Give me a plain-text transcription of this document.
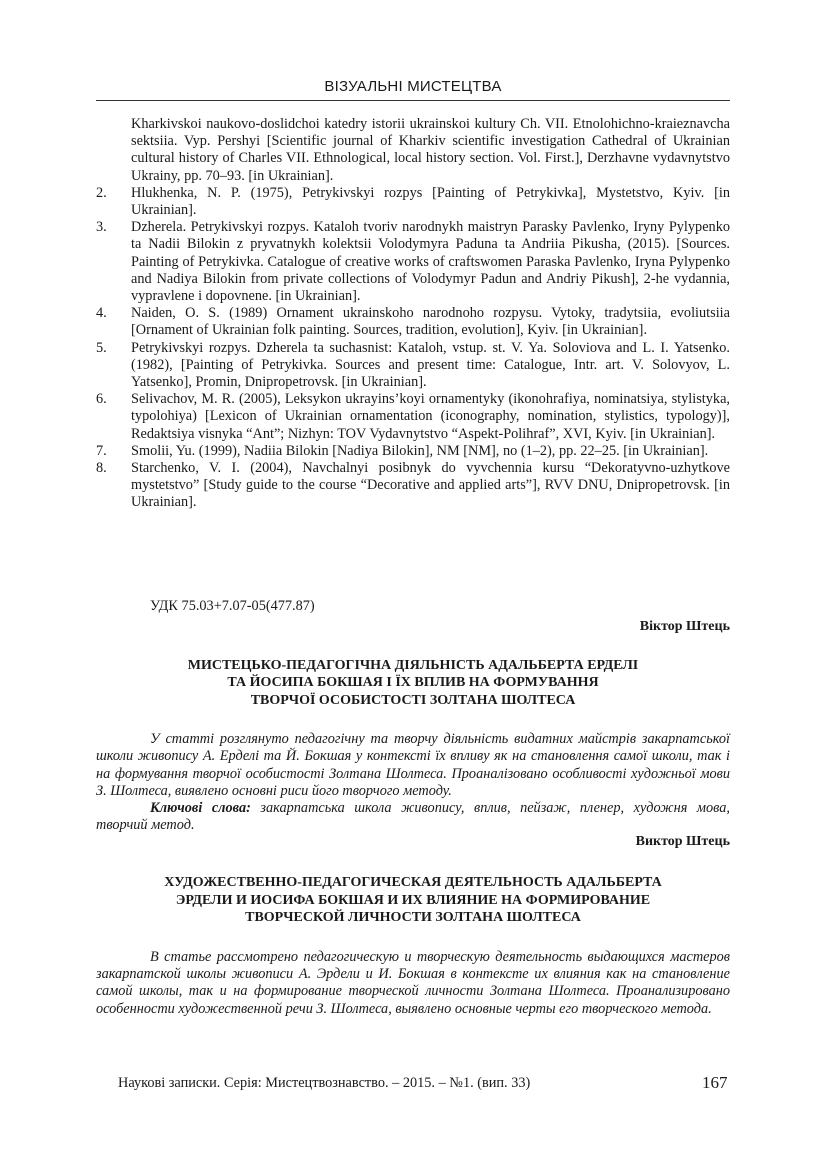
ВІЗУАЛЬНІ МИСТЕЦТВА
Kharkivskoi naukovo-doslidchoi katedry istorii ukrainskoi kultury Ch. VII. Etnolohichno-kraieznavcha sektsiia. Vyp. Pershyi [Scientific journal of Kharkiv scientific investigation Cathedral of Ukrainian cultural history of Charles VII. Ethnological, local history section. Vol. First.], Derzhavne vydavnytstvo Ukrainy, pp. 70–93. [in Ukrainian].
2.	Hlukhenka, N. P. (1975), Petrykivskyi rozpys [Painting of Petrykivka], Mystetstvo, Kyiv. [in Ukrainian].
3.	Dzherela. Petrykivskyi rozpys. Kataloh tvoriv narodnykh maistryn Parasky Pavlenko, Iryny Pylypenko ta Nadii Bilokin z pryvatnykh kolektsii Volodymyra Paduna ta Andriia Pikusha, (2015). [Sources. Painting of Petrykivka. Catalogue of creative works of craftswomen Paraska Pavlenko, Iryna Pylypenko and Nadiya Bilokin from private collections of Volodymyr Padun and Andriy Pikush], 2-he vydannia, vypravlene i dopovnene. [in Ukrainian].
4.	Naiden, O. S. (1989) Ornament ukrainskoho narodnoho rozpysu. Vytoky, tradytsiia, evoliutsiia [Ornament of Ukrainian folk painting. Sources, tradition, evolution], Kyiv. [in Ukrainian].
5.	Petrykivskyi rozpys. Dzherela ta suchasnist: Kataloh, vstup. st. V. Ya. Soloviova and L. I. Yatsenko. (1982), [Painting of Petrykivka. Sources and present time: Catalogue, Intr. art. V. Solovyov, L. Yatsenko], Promin, Dnipropetrovsk. [in Ukrainian].
6.	Selivachov, M. R. (2005), Leksykon ukrayins’koyi ornamentyky (ikonohrafiya, nominatsiya, stylistyka, typolohiya) [Lexicon of Ukrainian ornamentation (iconography, nomination, stylistics, typology)], Redaktsiya visnyka “Ant”; Nizhyn: TOV Vydavnytstvo “Aspekt-Polihraf”, XVI, Kyiv. [in Ukrainian].
7.	Smolii, Yu. (1999), Nadiia Bilokin [Nadiya Bilokin], NM [NM], no (1–2), pp. 22–25. [in Ukrainian].
8.	Starchenko, V. I. (2004), Navchalnyi posibnyk do vyvchennia kursu “Dekoratyvno-uzhytkove mystetstvo” [Study guide to the course “Decorative and applied arts”], RVV DNU, Dnipropetrovsk. [in Ukrainian].
УДК 75.03+7.07-05(477.87)
Віктор Штець
МИСТЕЦЬКО-ПЕДАГОГІЧНА ДІЯЛЬНІСТЬ АДАЛЬБЕРТА ЕРДЕЛІ
ТА ЙОСИПА БОКШАЯ І ЇХ ВПЛИВ НА ФОРМУВАННЯ
ТВОРЧОЇ ОСОБИСТОСТІ ЗОЛТАНА ШОЛТЕСА
У статті розглянуто педагогічну та творчу діяльність видатних майстрів закарпатської школи живопису А. Ерделі та Й. Бокшая у контексті їх впливу як на становлення самої школи, так і на формування творчої особистості Золтана Шолтеса. Проаналізовано особливості художньої мови З. Шолтеса, виявлено основні риси його творчого методу.
Ключові слова: закарпатська школа живопису, вплив, пейзаж, пленер, художня мова, творчий метод.
Виктор Штець
ХУДОЖЕСТВЕННО-ПЕДАГОГИЧЕСКАЯ ДЕЯТЕЛЬНОСТЬ АДАЛЬБЕРТА
ЭРДЕЛИ И ИОСИФА БОКШАЯ И ИХ ВЛИЯНИЕ НА ФОРМИРОВАНИЕ
ТВОРЧЕСКОЙ ЛИЧНОСТИ ЗОЛТАНА ШОЛТЕСА
В статье рассмотрено педагогическую и творческую деятельность выдающихся мастеров закарпатской школы живописи А. Эрдели и И. Бокшая в контексте их влияния как на становление самой школы, так и на формирование творческой личности Золтана Шолтеса. Проанализировано особенности художественной речи З. Шолтеса, выявлено основные черты его творческого метода.
Наукові записки. Серія: Мистецтвознавство. – 2015. – №1. (вип. 33)	167
